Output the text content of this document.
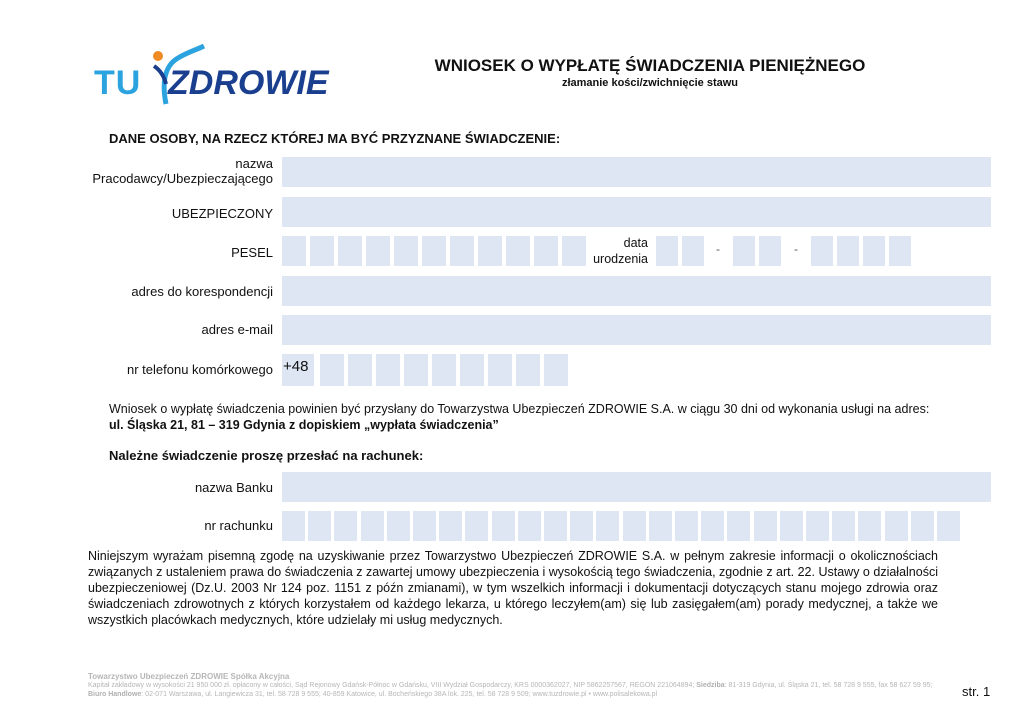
TU ZDROWIE	WNIOSEK O WYPŁATĘ ŚWIADCZENIA PIENIĘŻNEGO
złamanie kości/zwichnięcie stawu
DANE OSOBY, NA RZECZ KTÓREJ MA BYĆ PRZYZNANE ŚWIADCZENIE:
nazwa
Pracodawcy/Ubezpieczającego
UBEZPIECZONY
PESEL
data
urodzenia
-	-
adres do korespondencji
adres e-mail
nr telefonu komórkowego +48
Wniosek o wypłatę świadczenia powinien być przysłany do Towarzystwa Ubezpieczeń ZDROWIE S.A. w ciągu 30 dni od wykonania usługi na adres:
ul. Śląska 21, 81 – 319 Gdynia z dopiskiem „wypłata świadczenia”
Należne świadczenie proszę przesłać na rachunek:
nazwa Banku
nr rachunku
Niniejszym wyrażam pisemną zgodę na uzyskiwanie przez Towarzystwo Ubezpieczeń ZDROWIE S.A. w pełnym zakresie informacji o okolicznościach związanych z ustaleniem prawa do świadczenia z zawartej umowy ubezpieczenia i wysokością tego świadczenia, zgodnie z art. 22. Ustawy o działalności ubezpieczeniowej (Dz.U. 2003 Nr 124 poz. 1151 z późn zmianami), w tym wszelkich informacji i dokumentacji dotyczących stanu mojego zdrowia oraz świadczeniach zdrowotnych z których korzystałem od każdego lekarza, u którego leczyłem(am) się lub zasięgałem(am) porady medycznej, a także we wszystkich placówkach medycznych, które udzielały mi usług medycznych.
Towarzystwo Ubezpieczeń ZDROWIE Spółka Akcyjna
Kapitał zakładowy w wysokości 21 950 000 zł. opłacony w całości, Sąd Rejonowy Gdańsk-Północ w Gdańsku, VIII Wydział Gospodarczy, KRS 0000362027, NIP 5862257567, REGON 221064894; Siedziba: 81-319 Gdynia, ul. Śląska 21, tel. 58 728 9 555, fax 58 627 59 95;
Biuro Handlowe: 02-071 Warszawa, ul. Langiewicza 31, tel. 58 728 9 555; 40-859 Katowice, ul. Bocheńskiego 38A lok. 225, tel. 58 728 9 509; www.tuzdrowie.pl • www.polisalekowa.pl	str. 1
